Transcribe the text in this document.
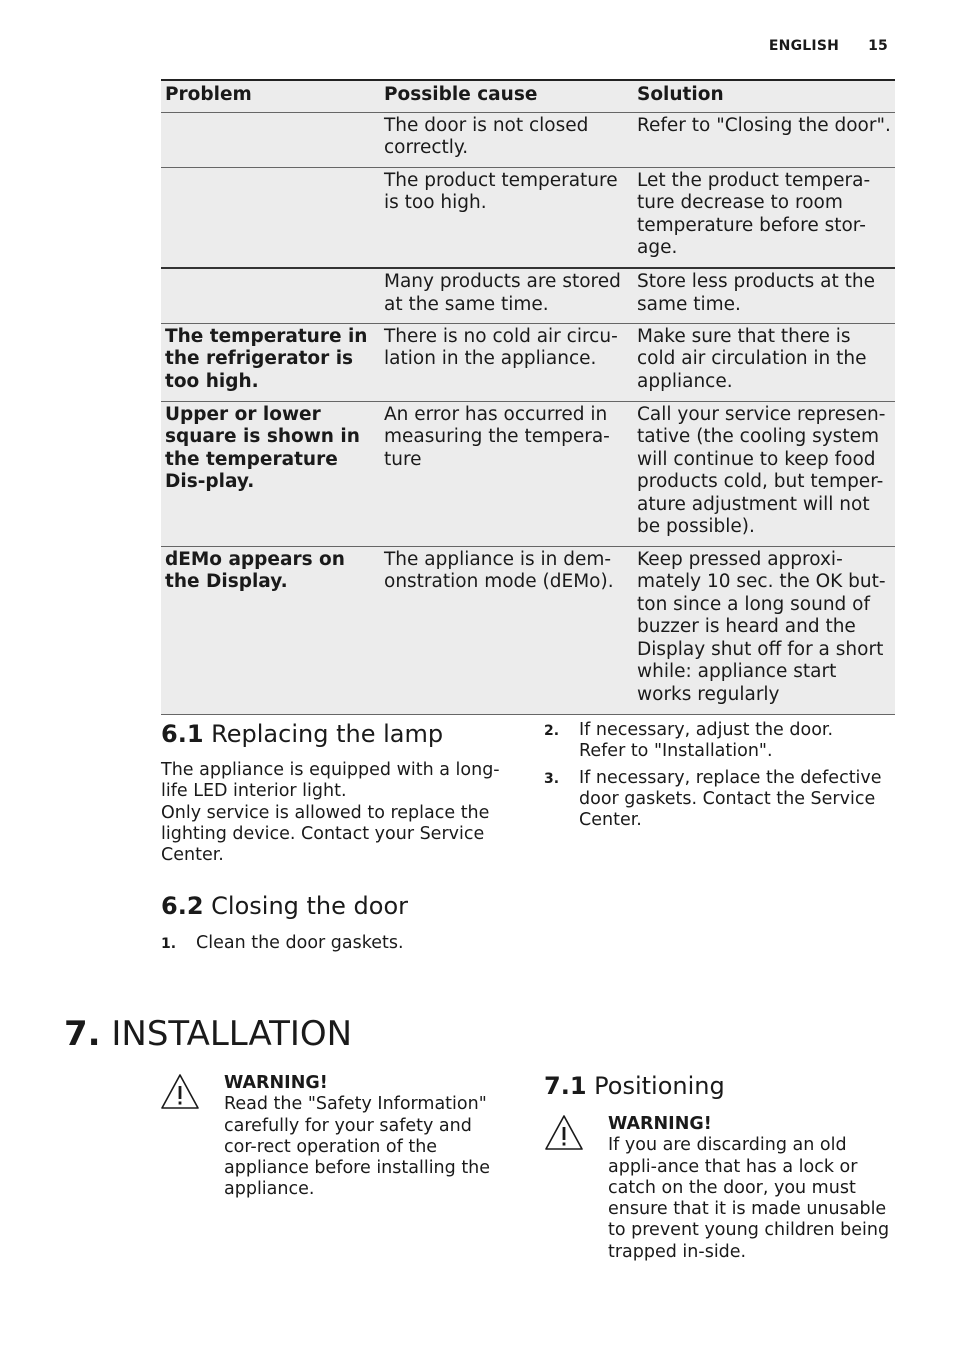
ENGLISH 15
Problem	Possible cause	Solution
	The door is not closed correctly.	Refer to "Closing the door".
	The product temperature is too high.	Let the product tempera-ture decrease to room temperature before stor-age.
	Many products are stored at the same time.	Store less products at the same time.
The temperature in the refrigerator is too high.	There is no cold air circu-lation in the appliance.	Make sure that there is cold air circulation in the appliance.
Upper or lower square is shown in the temperature Dis-play.	An error has occurred in measuring the tempera-ture	Call your service represen-tative (the cooling system will continue to keep food products cold, but temper-ature adjustment will not be possible).
dEMo appears on the Display.	The appliance is in dem-onstration mode (dEMo).	Keep pressed approxi-mately 10 sec. the OK but-ton since a long sound of buzzer is heard and the Display shut off for a short while: appliance start works regularly
6.1 Replacing the lamp
The appliance is equipped with a long-life LED interior light.
Only service is allowed to replace the lighting device. Contact your Service Center.
6.2 Closing the door
1. Clean the door gaskets.
2. If necessary, adjust the door. Refer to "Installation".
3. If necessary, replace the defective door gaskets. Contact the Service Center.
7. INSTALLATION
WARNING!
Read the "Safety Information" carefully for your safety and cor-rect operation of the appliance before installing the appliance.
7.1 Positioning
WARNING!
If you are discarding an old appli-ance that has a lock or catch on the door, you must ensure that it is made unusable to prevent young children being trapped in-side.
